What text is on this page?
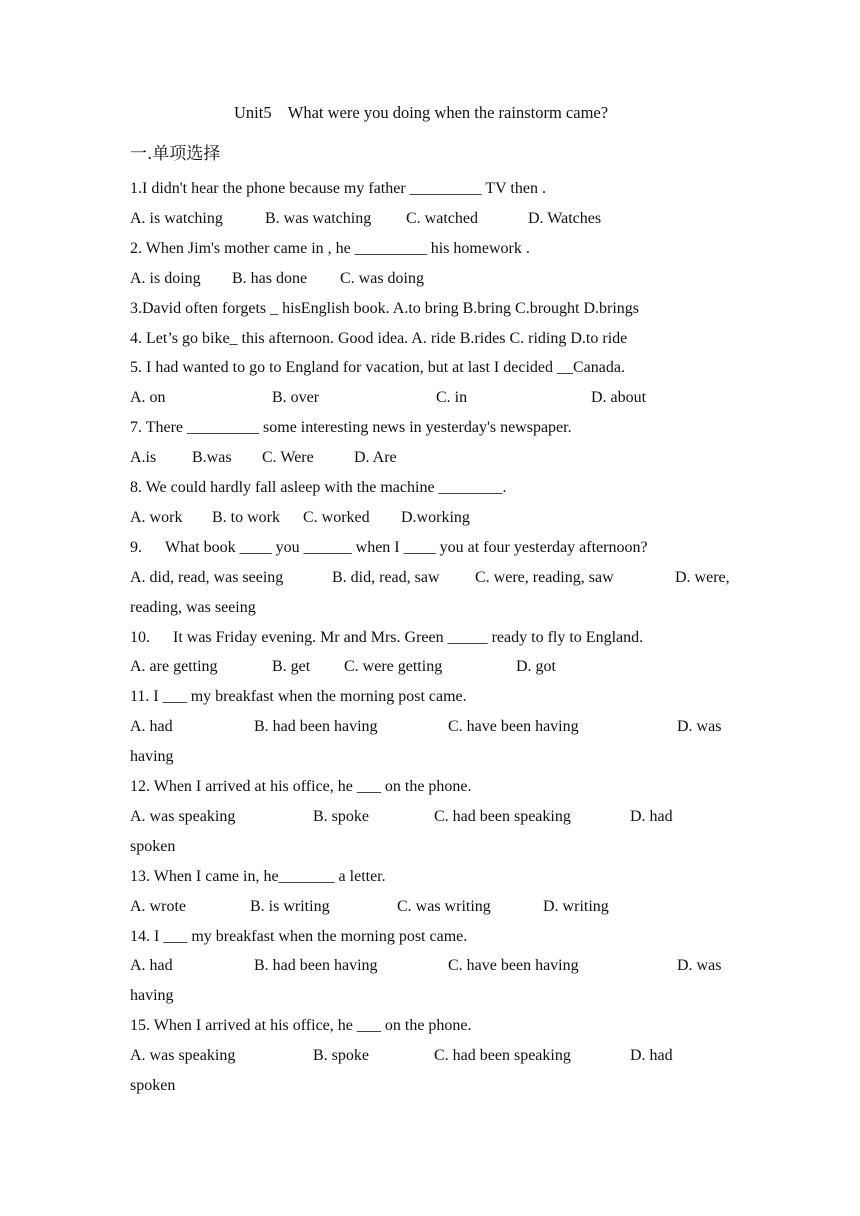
Unit5    What were you doing when the rainstorm came?
一.单项选择
1.I didn't hear the phone because my father _________ TV then .
A. is watching	B. was watching C. watched	D. Watches
2. When Jim's mother came in , he _________ his homework .
A. is doing B. has done C. was doing
3.David often forgets _ hisEnglish book. A.to bring B.bring C.brought D.brings
4. Let’s go bike_ this afternoon. Good idea. A. ride B.rides C. riding D.to ride
5. I had wanted to go to England for vacation, but at last I decided __Canada.
A. on	B. over	C. in	D. about
7. There _________ some interesting news in yesterday's newspaper.
A.is B.was C. Were	D. Are
8. We could hardly fall asleep with the machine ________.
A. work B. to work C. worked D.working
9. What book ____ you ______ when I ____ you at four yesterday afternoon?
A. did, read, was seeing	B. did, read, saw C. were, reading, saw	D. were,
reading, was seeing
10. It was Friday evening. Mr and Mrs. Green _____ ready to fly to England.
A. are getting	B. get C. were getting	D. got
11. I ___ my breakfast when the morning post came.
A. had	B. had been having	C. have been having	D. was
having
12. When I arrived at his office, he ___ on the phone.
A. was speaking	B. spoke	C. had been speaking	D. had
spoken
13. When I came in, he_______ a letter.
A. wrote	B. is writing	C. was writing	D. writing
14. I ___ my breakfast when the morning post came.
A. had	B. had been having	C. have been having	D. was
having
15. When I arrived at his office, he ___ on the phone.
A. was speaking	B. spoke	C. had been speaking	D. had
spoken
